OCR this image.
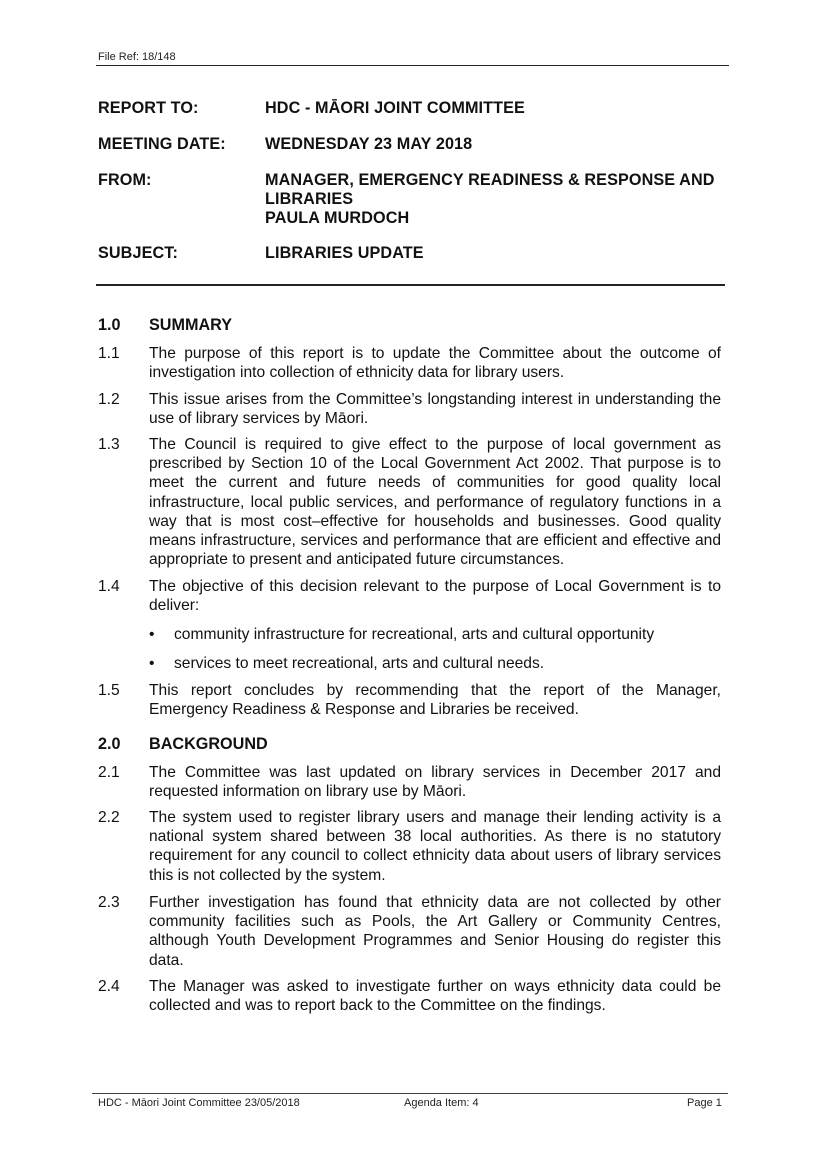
File Ref: 18/148
REPORT TO:	HDC - MĀORI JOINT COMMITTEE
MEETING DATE: WEDNESDAY 23 MAY 2018
FROM:	MANAGER, EMERGENCY READINESS & RESPONSE AND
LIBRARIES
PAULA MURDOCH
SUBJECT:	LIBRARIES UPDATE
1.0 SUMMARY
1.1 The purpose of this report is to update the Committee about the outcome of investigation into collection of ethnicity data for library users.
1.2 This issue arises from the Committee’s longstanding interest in understanding the use of library services by Māori.
1.3 The Council is required to give effect to the purpose of local government as prescribed by Section 10 of the Local Government Act 2002. That purpose is to meet the current and future needs of communities for good quality local infrastructure, local public services, and performance of regulatory functions in a way that is most cost–effective for households and businesses. Good quality means infrastructure, services and performance that are efficient and effective and appropriate to present and anticipated future circumstances.
1.4 The objective of this decision relevant to the purpose of Local Government is to deliver:
• community infrastructure for recreational, arts and cultural opportunity
• services to meet recreational, arts and cultural needs.
1.5 This report concludes by recommending that the report of the Manager, Emergency Readiness & Response and Libraries be received.
2.0 BACKGROUND
2.1 The Committee was last updated on library services in December 2017 and requested information on library use by Māori.
2.2 The system used to register library users and manage their lending activity is a national system shared between 38 local authorities. As there is no statutory requirement for any council to collect ethnicity data about users of library services this is not collected by the system.
2.3 Further investigation has found that ethnicity data are not collected by other community facilities such as Pools, the Art Gallery or Community Centres, although Youth Development Programmes and Senior Housing do register this data.
2.4 The Manager was asked to investigate further on ways ethnicity data could be collected and was to report back to the Committee on the findings.
HDC - Māori Joint Committee 23/05/2018	Agenda Item: 4	Page 1
